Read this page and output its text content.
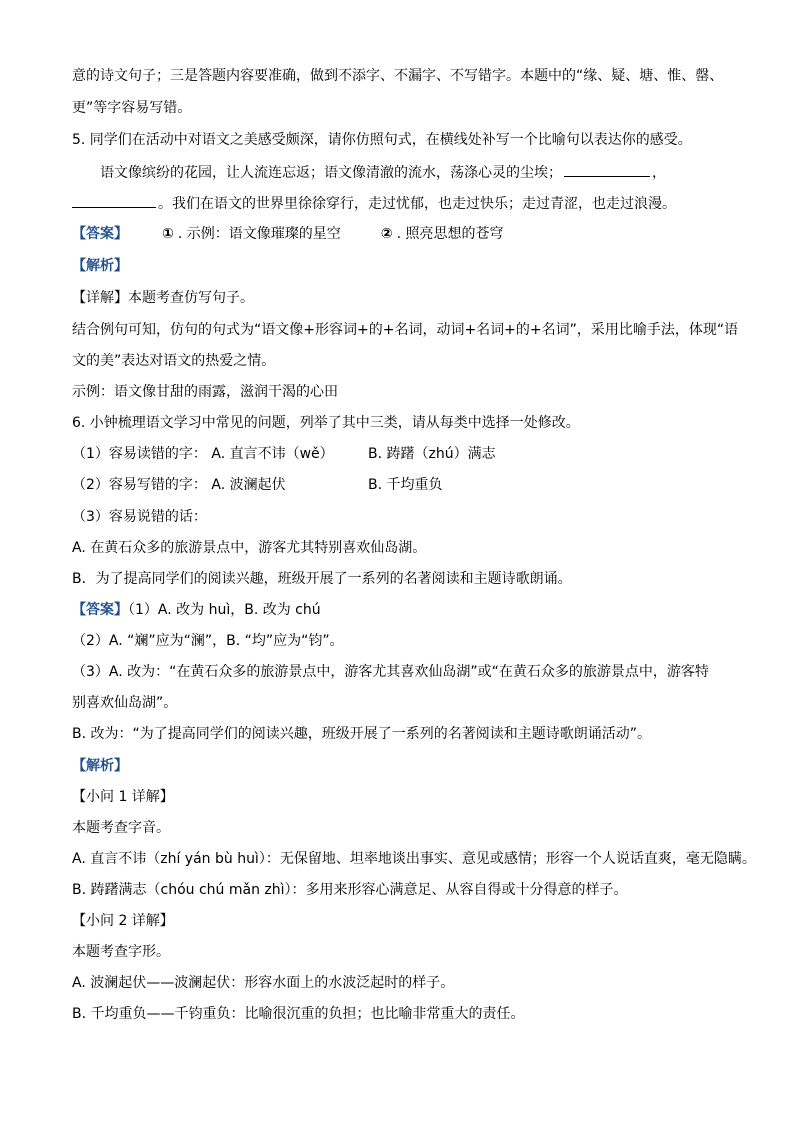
意的诗文句子；三是答题内容要准确，做到不添字、不漏字、不写错字。本题中的“缘、疑、塘、惟、罄、
更”等字容易写错。
5. 同学们在活动中对语文之美感受颇深，请你仿照句式，在横线处补写一个比喻句以表达你的感受。
语文像缤纷的花园，让人流连忘返；语文像清澈的流水，荡涤心灵的尘埃；	，
。我们在语文的世界里徐徐穿行，走过忧郁，也走过快乐；走过青涩，也走过浪漫。
【答案】 ① . 示例：语文像璀璨的星空	② . 照亮思想的苍穹
【解析】
【详解】本题考查仿写句子。
结合例句可知，仿句的句式为“语文像+形容词+的+名词，动词+名词+的+名词”，采用比喻手法，体现“语
文的美”表达对语文的热爱之情。
示例：语文像甘甜的雨露，滋润干渴的心田
6. 小钟梳理语文学习中常见的问题，列举了其中三类，请从每类中选择一处修改。
（1）容易读错的字： A. 直言不讳（wě） B. 踌躇（zhú）满志
（2）容易写错的字： A. 波澜起伏	B. 千均重负
（3）容易说错的话：
A. 在黄石众多的旅游景点中，游客尤其特别喜欢仙岛湖。
B．为了提高同学们的阅读兴趣，班级开展了一系列的名著阅读和主题诗歌朗诵。
【答案】（1）A. 改为 huì，B. 改为 chú
（2）A. “斓”应为“澜”，B. “均”应为“钧”。
（3）A. 改为：“在黄石众多的旅游景点中，游客尤其喜欢仙岛湖”或“在黄石众多的旅游景点中，游客特
别喜欢仙岛湖”。
B. 改为：“为了提高同学们的阅读兴趣，班级开展了一系列的名著阅读和主题诗歌朗诵活动”。
【解析】
【小问 1 详解】
本题考查字音。
A. 直言不讳（zhí yán bù huì）：无保留地、坦率地谈出事实、意见或感情；形容一个人说话直爽，毫无隐瞒。
B. 踌躇满志（chóu chú mǎn zhì）：多用来形容心满意足、从容自得或十分得意的样子。
【小问 2 详解】
本题考查字形。
A. 波澜起伏——波澜起伏：形容水面上的水波泛起时的样子。
B. 千均重负——千钧重负：比喻很沉重的负担；也比喻非常重大的责任。
